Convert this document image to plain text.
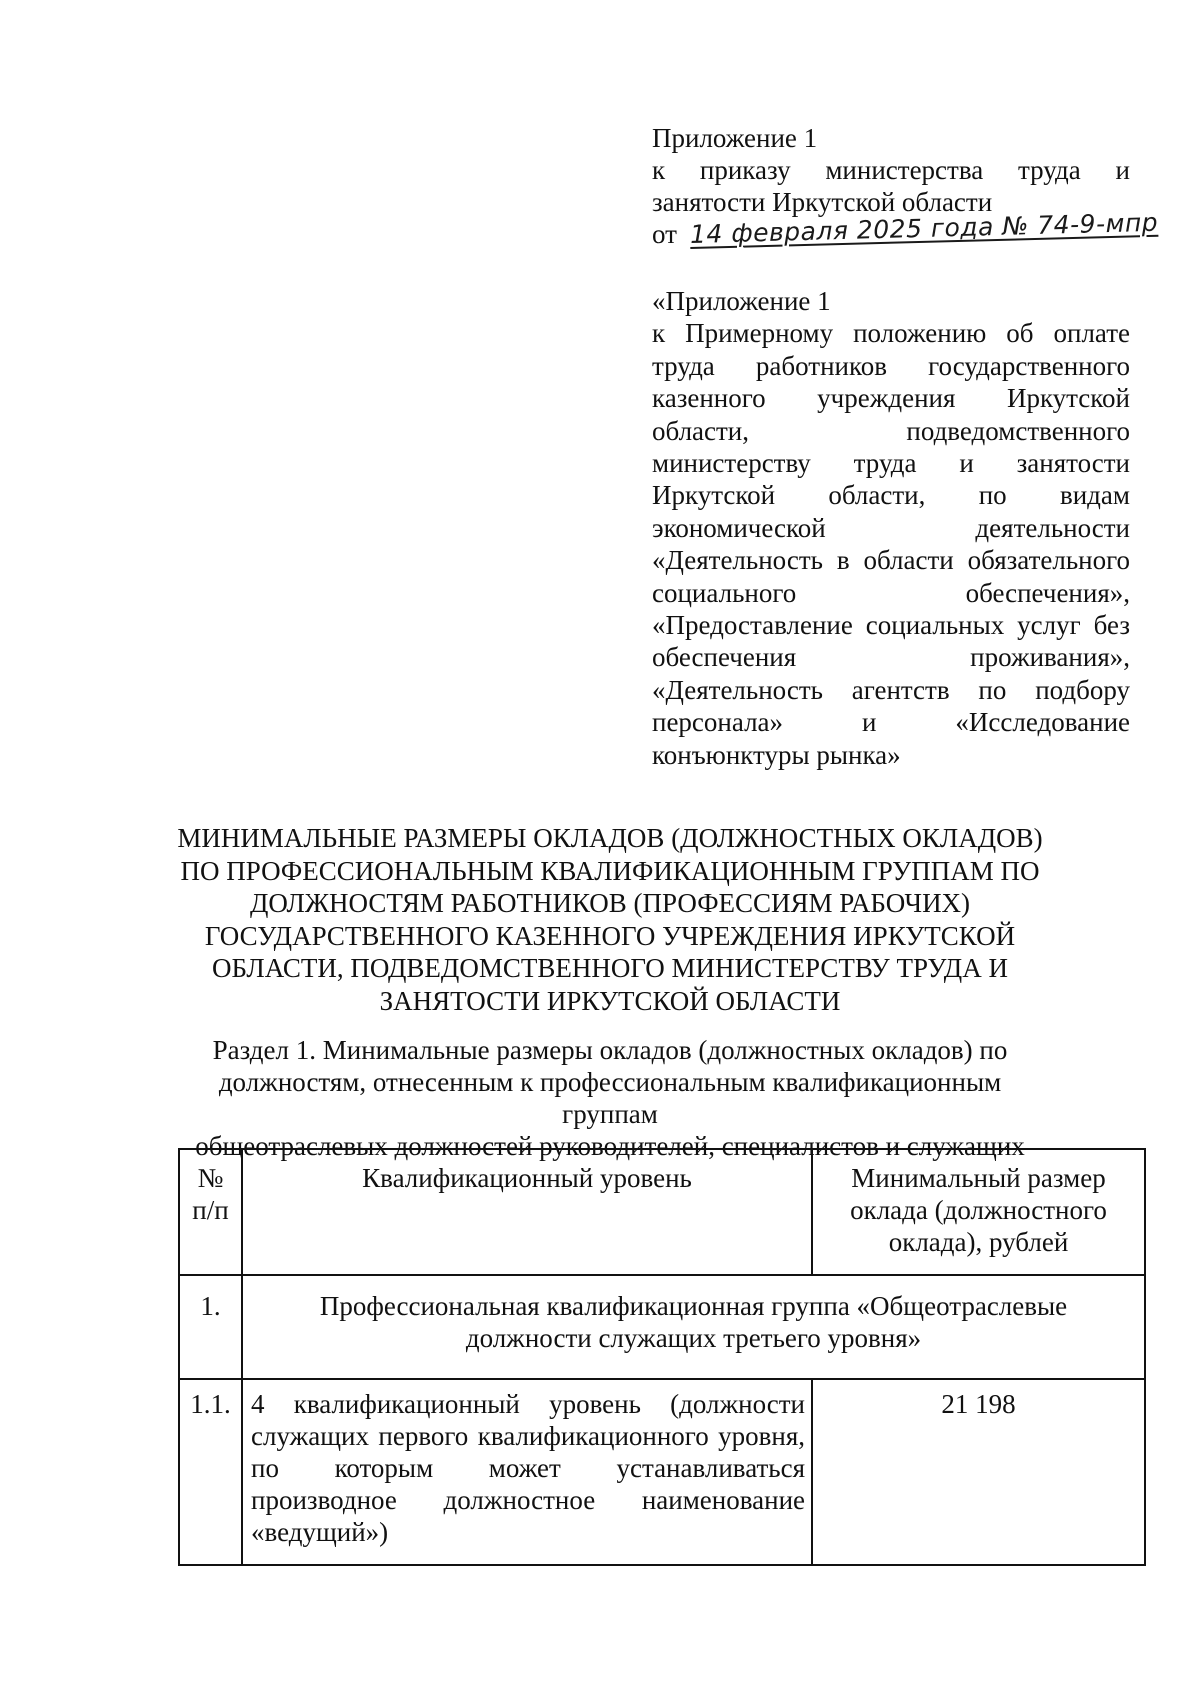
Приложение 1
к приказу министерства труда и
занятости Иркутской области
от 14 февраля 2025 года № 74-9-мпр
«Приложение 1
к Примерному положению об оплате труда работников государственного казенного учреждения Иркутской области, подведомственного министерству труда и занятости Иркутской области, по видам экономической деятельности «Деятельность в области обязательного социального обеспечения», «Предоставление социальных услуг без обеспечения проживания», «Деятельность агентств по подбору персонала» и «Исследование конъюнктуры рынка»
МИНИМАЛЬНЫЕ РАЗМЕРЫ ОКЛАДОВ (ДОЛЖНОСТНЫХ ОКЛАДОВ)
ПО ПРОФЕССИОНАЛЬНЫМ КВАЛИФИКАЦИОННЫМ ГРУППАМ ПО
ДОЛЖНОСТЯМ РАБОТНИКОВ (ПРОФЕССИЯМ РАБОЧИХ)
ГОСУДАРСТВЕННОГО КАЗЕННОГО УЧРЕЖДЕНИЯ ИРКУТСКОЙ
ОБЛАСТИ, ПОДВЕДОМСТВЕННОГО МИНИСТЕРСТВУ ТРУДА И
ЗАНЯТОСТИ ИРКУТСКОЙ ОБЛАСТИ
Раздел 1. Минимальные размеры окладов (должностных окладов) по
должностям, отнесенным к профессиональным квалификационным группам
общеотраслевых должностей руководителей, специалистов и служащих
№
п/п	Квалификационный уровень	Минимальный размер оклада (должностного оклада), рублей
1.	Профессиональная квалификационная группа «Общеотраслевые должности служащих третьего уровня»	
1.1.	4 квалификационный уровень (должности служащих первого квалификационного уровня, по которым может устанавливаться производное должностное наименование «ведущий»)	21 198
